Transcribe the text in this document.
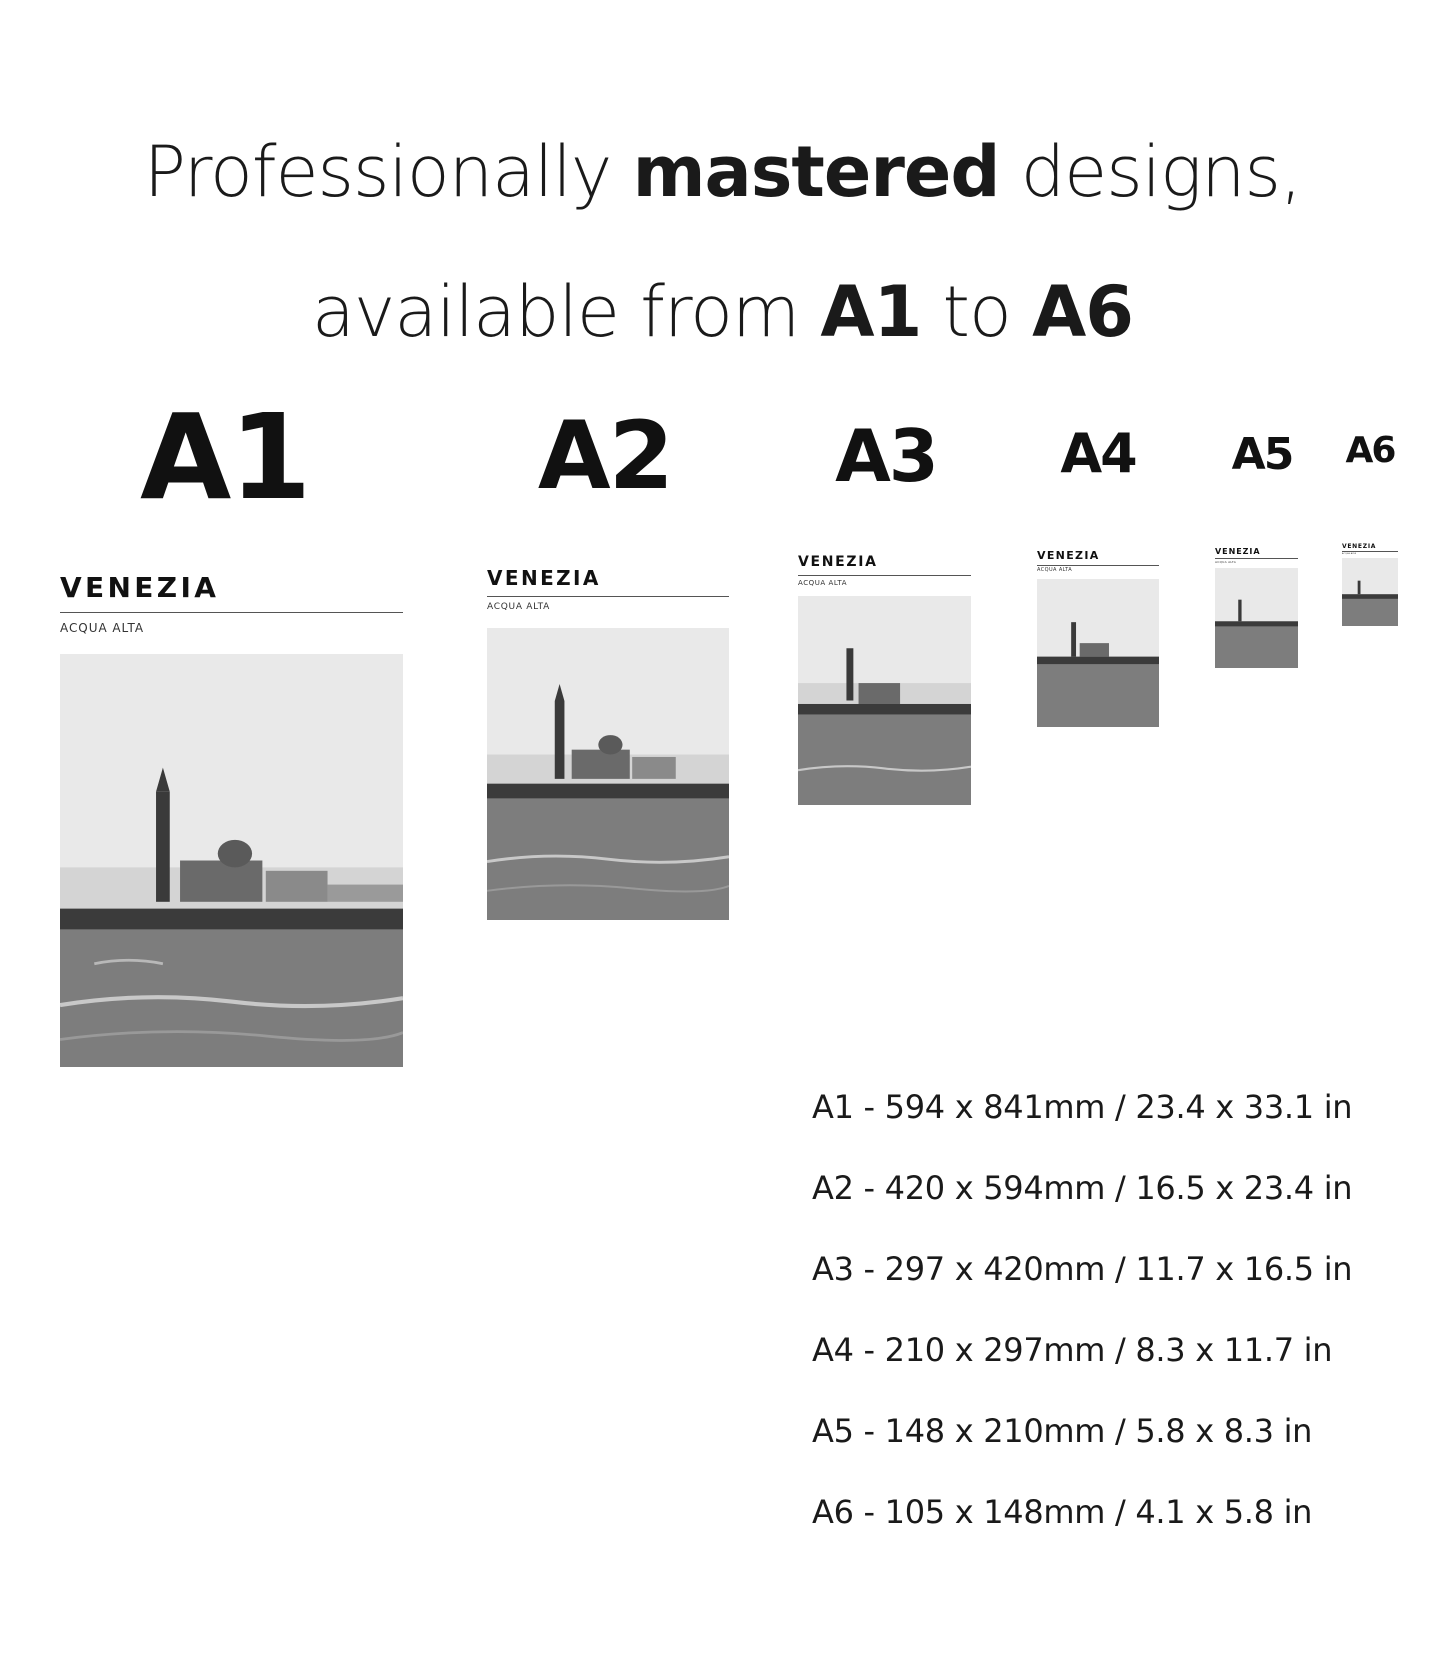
Professionally mastered designs,
available from A1 to A6
A1 A2 A3 A4 A5 A6
VENEZIA
ACQUA ALTA
VENEZIA
ACQUA ALTA
VENEZIA
ACQUA ALTA
VENEZIA
ACQUA ALTA
VENEZIA
ACQUA ALTA
VENEZIA
ACQUA ALTA
A1 - 594 x 841mm / 23.4 x 33.1 in
A2 - 420 x 594mm / 16.5 x 23.4 in
A3 - 297 x 420mm / 11.7 x 16.5 in
A4 - 210 x 297mm / 8.3 x 11.7 in
A5 - 148 x 210mm / 5.8 x 8.3 in
A6 - 105 x 148mm / 4.1 x 5.8 in
